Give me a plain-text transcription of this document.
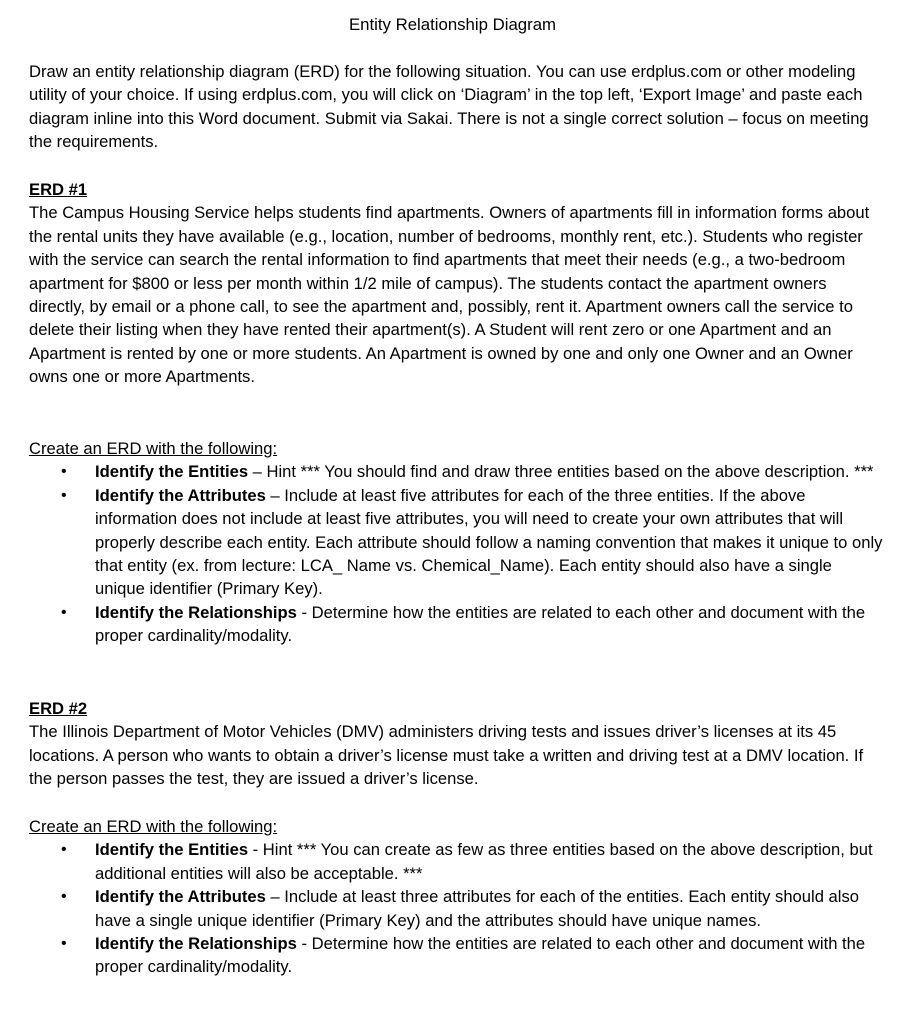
Entity Relationship Diagram

Draw an entity relationship diagram (ERD) for the following situation. You can use erdplus.com or other modeling utility of your choice. If using erdplus.com, you will click on ‘Diagram’ in the top left, ‘Export Image’ and paste each diagram inline into this Word document. Submit via Sakai. There is not a single correct solution – focus on meeting the requirements.

ERD #1

The Campus Housing Service helps students find apartments. Owners of apartments fill in information forms about the rental units they have available (e.g., location, number of bedrooms, monthly rent, etc.). Students who register with the service can search the rental information to find apartments that meet their needs (e.g., a two-bedroom apartment for $800 or less per month within 1/2 mile of campus). The students contact the apartment owners directly, by email or a phone call, to see the apartment and, possibly, rent it. Apartment owners call the service to delete their listing when they have rented their apartment(s). A Student will rent zero or one Apartment and an Apartment is rented by one or more students. An Apartment is owned by one and only one Owner and an Owner owns one or more Apartments.

Create an ERD with the following:

• Identify the Entities – Hint *** You should find and draw three entities based on the above description. ***
• Identify the Attributes – Include at least five attributes for each of the three entities. If the above information does not include at least five attributes, you will need to create your own attributes that will properly describe each entity. Each attribute should follow a naming convention that makes it unique to only that entity (ex. from lecture: LCA_ Name vs. Chemical_Name). Each entity should also have a single unique identifier (Primary Key).
• Identify the Relationships - Determine how the entities are related to each other and document with the proper cardinality/modality.

ERD #2

The Illinois Department of Motor Vehicles (DMV) administers driving tests and issues driver’s licenses at its 45 locations. A person who wants to obtain a driver’s license must take a written and driving test at a DMV location. If the person passes the test, they are issued a driver’s license.

Create an ERD with the following:

• Identify the Entities - Hint *** You can create as few as three entities based on the above description, but additional entities will also be acceptable. ***
• Identify the Attributes – Include at least three attributes for each of the entities. Each entity should also have a single unique identifier (Primary Key) and the attributes should have unique names.
• Identify the Relationships - Determine how the entities are related to each other and document with the proper cardinality/modality.
